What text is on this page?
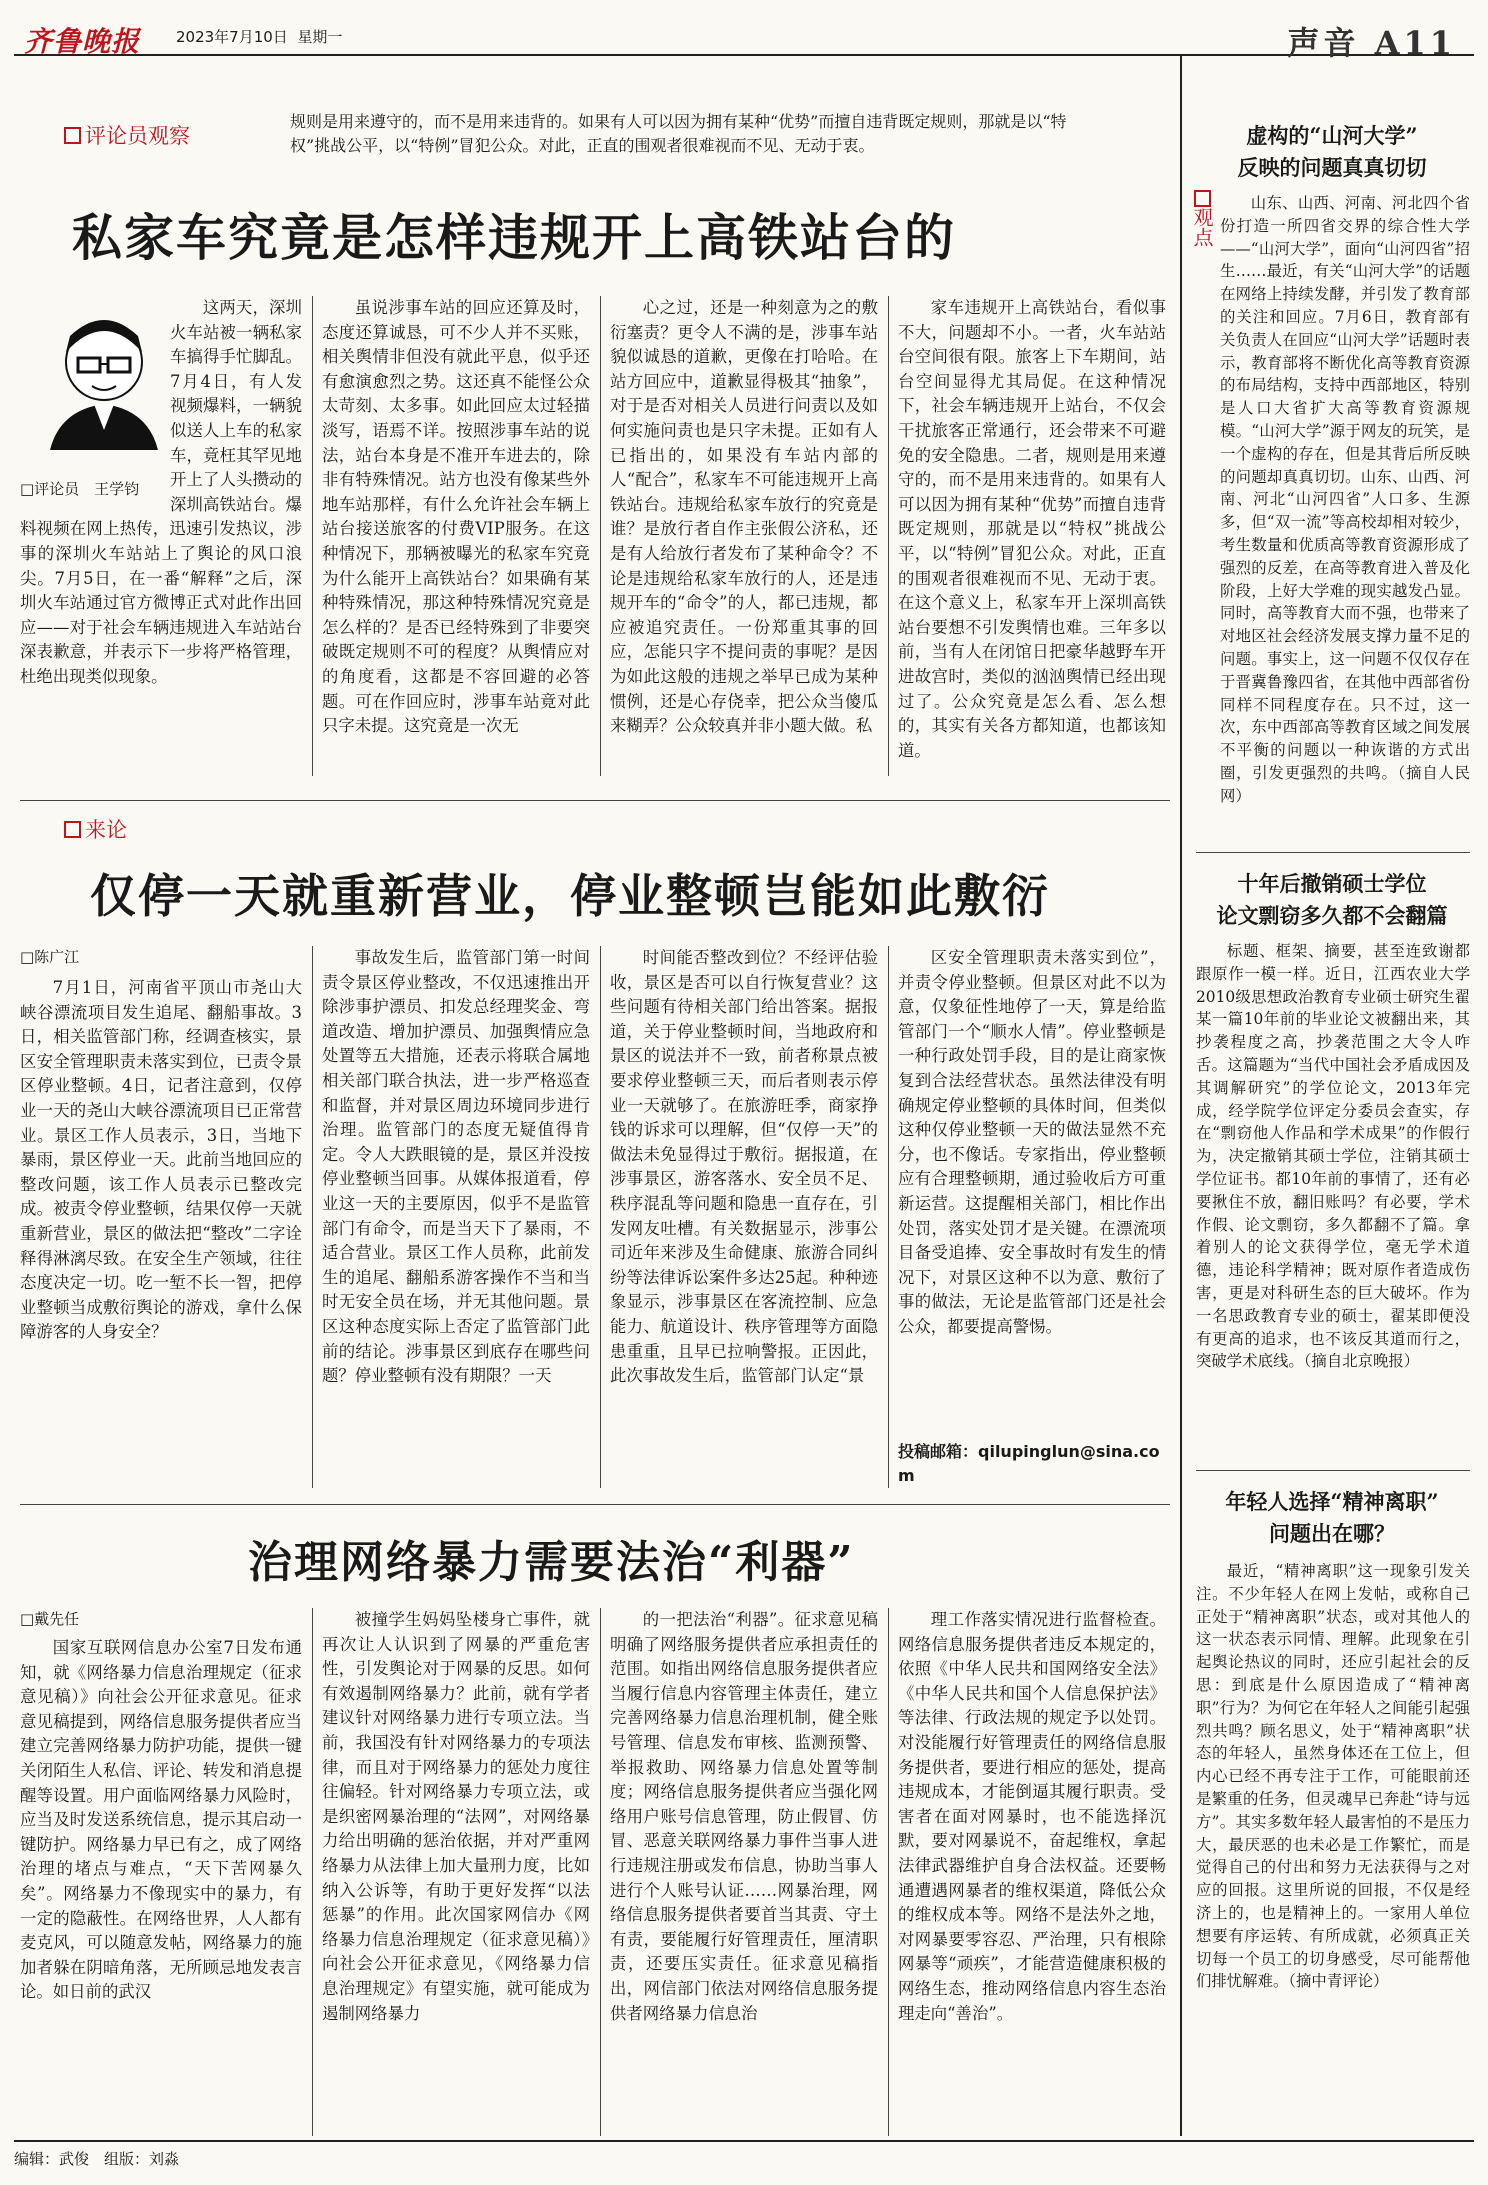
齐鲁晚报 2023年7月10日 星期一	声音 A11
评论员观察
规则是用来遵守的，而不是用来违背的。如果有人可以因为拥有某种“优势”而擅自违背既定规则，那就是以“特权”挑战公平，以“特例”冒犯公众。对此，正直的围观者很难视而不见、无动于衷。
私家车究竟是怎样违规开上高铁站台的
□评论员　王学钧

这两天，深圳火车站被一辆私家车搞得手忙脚乱。7月4日，有人发视频爆料，一辆貌似送人上车的私家车，竟枉其罕见地开上了人头攒动的深圳高铁站台。爆料视频在网上热传，迅速引发热议，涉事的深圳火车站站上了舆论的风口浪尖。7月5日，在一番“解释”之后，深圳火车站通过官方微博正式对此作出回应——对于社会车辆违规进入车站站台深表歉意，并表示下一步将严格管理，杜绝出现类似现象。

虽说涉事车站的回应还算及时，态度还算诚恳，可不少人并不买账，相关舆情非但没有就此平息，似乎还有愈演愈烈之势。这还真不能怪公众太苛刻、太多事。如此回应太过轻描淡写，语焉不详。按照涉事车站的说法，站台本身是不准开车进去的，除非有特殊情况。站方也没有像某些外地车站那样，有什么允许社会车辆上站台接送旅客的付费VIP服务。在这种情况下，那辆被曝光的私家车究竟为什么能开上高铁站台？如果确有某种特殊情况，那这种特殊情况究竟是怎么样的？是否已经特殊到了非要突破既定规则不可的程度？从舆情应对的角度看，这都是不容回避的必答题。可在作回应时，涉事车站竟对此只字未提。这究竟是一次无

心之过，还是一种刻意为之的敷衍塞责？更令人不满的是，涉事车站貌似诚恳的道歉，更像在打哈哈。在站方回应中，道歉显得极其“抽象”，对于是否对相关人员进行问责以及如何实施问责也是只字未提。正如有人已指出的，如果没有车站内部的人“配合”，私家车不可能违规开上高铁站台。违规给私家车放行的究竟是谁？是放行者自作主张假公济私，还是有人给放行者发布了某种命令？不论是违规给私家车放行的人，还是违规开车的“命令”的人，都已违规，都应被追究责任。一份郑重其事的回应，怎能只字不提问责的事呢？是因为如此这般的违规之举早已成为某种惯例，还是心存侥幸，把公众当傻瓜来糊弄？公众较真并非小题大做。私

家车违规开上高铁站台，看似事不大，问题却不小。一者，火车站站台空间很有限。旅客上下车期间，站台空间显得尤其局促。在这种情况下，社会车辆违规开上站台，不仅会干扰旅客正常通行，还会带来不可避免的安全隐患。二者，规则是用来遵守的，而不是用来违背的。如果有人可以因为拥有某种“优势”而擅自违背既定规则，那就是以“特权”挑战公平，以“特例”冒犯公众。对此，正直的围观者很难视而不见、无动于衷。在这个意义上，私家车开上深圳高铁站台要想不引发舆情也难。三年多以前，当有人在闭馆日把豪华越野车开进故宫时，类似的汹汹舆情已经出现过了。公众究竟是怎么看、怎么想的，其实有关各方都知道，也都该知道。

来论
仅停一天就重新营业，停业整顿岂能如此敷衍
□陈广江

7月1日，河南省平顶山市尧山大峡谷漂流项目发生追尾、翻船事故。3日，相关监管部门称，经调查核实，景区安全管理职责未落实到位，已责令景区停业整顿。4日，记者注意到，仅停业一天的尧山大峡谷漂流项目已正常营业。景区工作人员表示，3日，当地下暴雨，景区停业一天。此前当地回应的整改问题，该工作人员表示已整改完成。被责令停业整顿，结果仅停一天就重新营业，景区的做法把“整改”二字诠释得淋漓尽致。在安全生产领域，往往态度决定一切。吃一堑不长一智，把停业整顿当成敷衍舆论的游戏，拿什么保障游客的人身安全？

事故发生后，监管部门第一时间责令景区停业整改，不仅迅速推出开除涉事护漂员、扣发总经理奖金、弯道改造、增加护漂员、加强舆情应急处置等五大措施，还表示将联合属地相关部门联合执法，进一步严格巡查和监督，并对景区周边环境同步进行治理。监管部门的态度无疑值得肯定。令人大跌眼镜的是，景区并没按停业整顿当回事。从媒体报道看，停业这一天的主要原因，似乎不是监管部门有命令，而是当天下了暴雨，不适合营业。景区工作人员称，此前发生的追尾、翻船系游客操作不当和当时无安全员在场，并无其他问题。景区这种态度实际上否定了监管部门此前的结论。涉事景区到底存在哪些问题？停业整顿有没有期限？一天

时间能否整改到位？不经评估验收，景区是否可以自行恢复营业？这些问题有待相关部门给出答案。据报道，关于停业整顿时间，当地政府和景区的说法并不一致，前者称景点被要求停业整顿三天，而后者则表示停业一天就够了。在旅游旺季，商家挣钱的诉求可以理解，但“仅停一天”的做法未免显得过于敷衍。据报道，在涉事景区，游客落水、安全员不足、秩序混乱等问题和隐患一直存在，引发网友吐槽。有关数据显示，涉事公司近年来涉及生命健康、旅游合同纠纷等法律诉讼案件多达25起。种种迹象显示，涉事景区在客流控制、应急能力、航道设计、秩序管理等方面隐患重重，且早已拉响警报。正因此，此次事故发生后，监管部门认定“景

区安全管理职责未落实到位”，并责令停业整顿。但景区对此不以为意，仅象征性地停了一天，算是给监管部门一个“顺水人情”。停业整顿是一种行政处罚手段，目的是让商家恢复到合法经营状态。虽然法律没有明确规定停业整顿的具体时间，但类似这种仅停业整顿一天的做法显然不充分，也不像话。专家指出，停业整顿应有合理整顿期，通过验收后方可重新运营。这提醒相关部门，相比作出处罚，落实处罚才是关键。在漂流项目备受追捧、安全事故时有发生的情况下，对景区这种不以为意、敷衍了事的做法，无论是监管部门还是社会公众，都要提高警惕。

投稿邮箱：qilupinglun@sina.com
治理网络暴力需要法治“利器”
□戴先任

国家互联网信息办公室7日发布通知，就《网络暴力信息治理规定（征求意见稿）》向社会公开征求意见。征求意见稿提到，网络信息服务提供者应当建立完善网络暴力防护功能，提供一键关闭陌生人私信、评论、转发和消息提醒等设置。用户面临网络暴力风险时，应当及时发送系统信息，提示其启动一键防护。网络暴力早已有之，成了网络治理的堵点与难点，“天下苦网暴久矣”。网络暴力不像现实中的暴力，有一定的隐蔽性。在网络世界，人人都有麦克风，可以随意发帖，网络暴力的施加者躲在阴暗角落，无所顾忌地发表言论。如日前的武汉

被撞学生妈妈坠楼身亡事件，就再次让人认识到了网暴的严重危害性，引发舆论对于网暴的反思。如何有效遏制网络暴力？此前，就有学者建议针对网络暴力进行专项立法。当前，我国没有针对网络暴力的专项法律，而且对于网络暴力的惩处力度往往偏轻。针对网络暴力专项立法，或是织密网暴治理的“法网”，对网络暴力给出明确的惩治依据，并对严重网络暴力从法律上加大量刑力度，比如纳入公诉等，有助于更好发挥“以法惩暴”的作用。此次国家网信办《网络暴力信息治理规定（征求意见稿）》向社会公开征求意见，《网络暴力信息治理规定》有望实施，就可能成为遏制网络暴力

的一把法治“利器”。征求意见稿明确了网络服务提供者应承担责任的范围。如指出网络信息服务提供者应当履行信息内容管理主体责任，建立完善网络暴力信息治理机制，健全账号管理、信息发布审核、监测预警、举报救助、网络暴力信息处置等制度；网络信息服务提供者应当强化网络用户账号信息管理，防止假冒、仿冒、恶意关联网络暴力事件当事人进行违规注册或发布信息，协助当事人进行个人账号认证……网暴治理，网络信息服务提供者要首当其责、守土有责，要能履行好管理责任，厘清职责，还要压实责任。征求意见稿指出，网信部门依法对网络信息服务提供者网络暴力信息治

理工作落实情况进行监督检查。网络信息服务提供者违反本规定的，依照《中华人民共和国网络安全法》《中华人民共和国个人信息保护法》等法律、行政法规的规定予以处罚。对没能履行好管理责任的网络信息服务提供者，要进行相应的惩处，提高违规成本，才能倒逼其履行职责。受害者在面对网暴时，也不能选择沉默，要对网暴说不，奋起维权，拿起法律武器维护自身合法权益。还要畅通遭遇网暴者的维权渠道，降低公众的维权成本等。网络不是法外之地，对网暴要零容忍、严治理，只有根除网暴等“顽疾”，才能营造健康积极的网络生态，推动网络信息内容生态治理走向“善治”。

观点
虚构的“山河大学”
反映的问题真真切切

山东、山西、河南、河北四个省份打造一所四省交界的综合性大学——“山河大学”，面向“山河四省”招生……最近，有关“山河大学”的话题在网络上持续发酵，并引发了教育部的关注和回应。7月6日，教育部有关负责人在回应“山河大学”话题时表示，教育部将不断优化高等教育资源的布局结构，支持中西部地区，特别是人口大省扩大高等教育资源规模。“山河大学”源于网友的玩笑，是一个虚构的存在，但是其背后所反映的问题却真真切切。山东、山西、河南、河北“山河四省”人口多、生源多，但“双一流”等高校却相对较少，考生数量和优质高等教育资源形成了强烈的反差，在高等教育进入普及化阶段，上好大学难的现实越发凸显。同时，高等教育大而不强，也带来了对地区社会经济发展支撑力量不足的问题。事实上，这一问题不仅仅存在于晋冀鲁豫四省，在其他中西部省份同样不同程度存在。只不过，这一次，东中西部高等教育区域之间发展不平衡的问题以一种诙谐的方式出圈，引发更强烈的共鸣。（摘自人民网）

十年后撤销硕士学位
论文剽窃多久都不会翻篇

标题、框架、摘要，甚至连致谢都跟原作一模一样。近日，江西农业大学2010级思想政治教育专业硕士研究生翟某一篇10年前的毕业论文被翻出来，其抄袭程度之高，抄袭范围之大令人咋舌。这篇题为“当代中国社会矛盾成因及其调解研究”的学位论文，2013年完成，经学院学位评定分委员会查实，存在“剽窃他人作品和学术成果”的作假行为，决定撤销其硕士学位，注销其硕士学位证书。都10年前的事情了，还有必要揪住不放，翻旧账吗？有必要，学术作假、论文剽窃，多久都翻不了篇。拿着别人的论文获得学位，毫无学术道德，违论科学精神；既对原作者造成伤害，更是对科研生态的巨大破坏。作为一名思政教育专业的硕士，翟某即便没有更高的追求，也不该反其道而行之，突破学术底线。（摘自北京晚报）

年轻人选择“精神离职”
问题出在哪？

最近，“精神离职”这一现象引发关注。不少年轻人在网上发帖，或称自己正处于“精神离职”状态，或对其他人的这一状态表示同情、理解。此现象在引起舆论热议的同时，还应引起社会的反思：到底是什么原因造成了“精神离职”行为？为何它在年轻人之间能引起强烈共鸣？顾名思义，处于“精神离职”状态的年轻人，虽然身体还在工位上，但内心已经不再专注于工作，可能眼前还是繁重的任务，但灵魂早已奔赴“诗与远方”。其实多数年轻人最害怕的不是压力大，最厌恶的也未必是工作繁忙，而是觉得自己的付出和努力无法获得与之对应的回报。这里所说的回报，不仅是经济上的，也是精神上的。一家用人单位想要有序运转、有所成就，必须真正关切每一个员工的切身感受，尽可能帮他们排忧解难。（摘中青评论）

编辑：武俊　组版：刘淼
